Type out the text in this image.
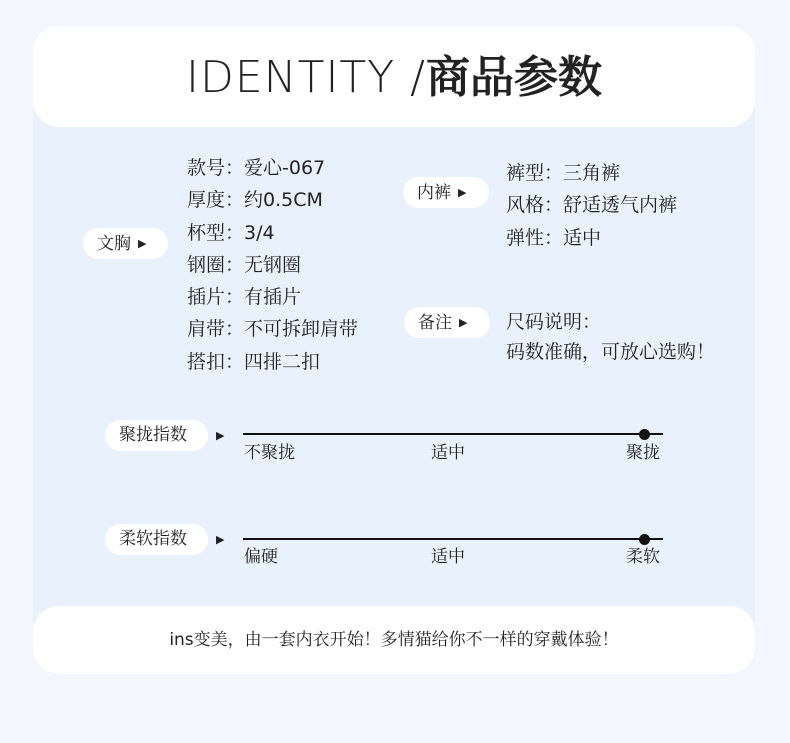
IDENTITY /商品参数
文胸 ▶
款号：爱心-067
厚度：约0.5CM
杯型：3/4
钢圈：无钢圈
插片：有插片
肩带：不可拆卸肩带
搭扣：四排二扣
内裤 ▶
裤型：三角裤
风格：舒适透气内裤
弹性：适中
备注 ▶	尺码说明：
码数准确，可放心选购！
聚拢指数	▶
不聚拢	适中	聚拢
柔软指数	▶
偏硬	适中	柔软
ins变美，由一套内衣开始！多情猫给你不一样的穿戴体验！
